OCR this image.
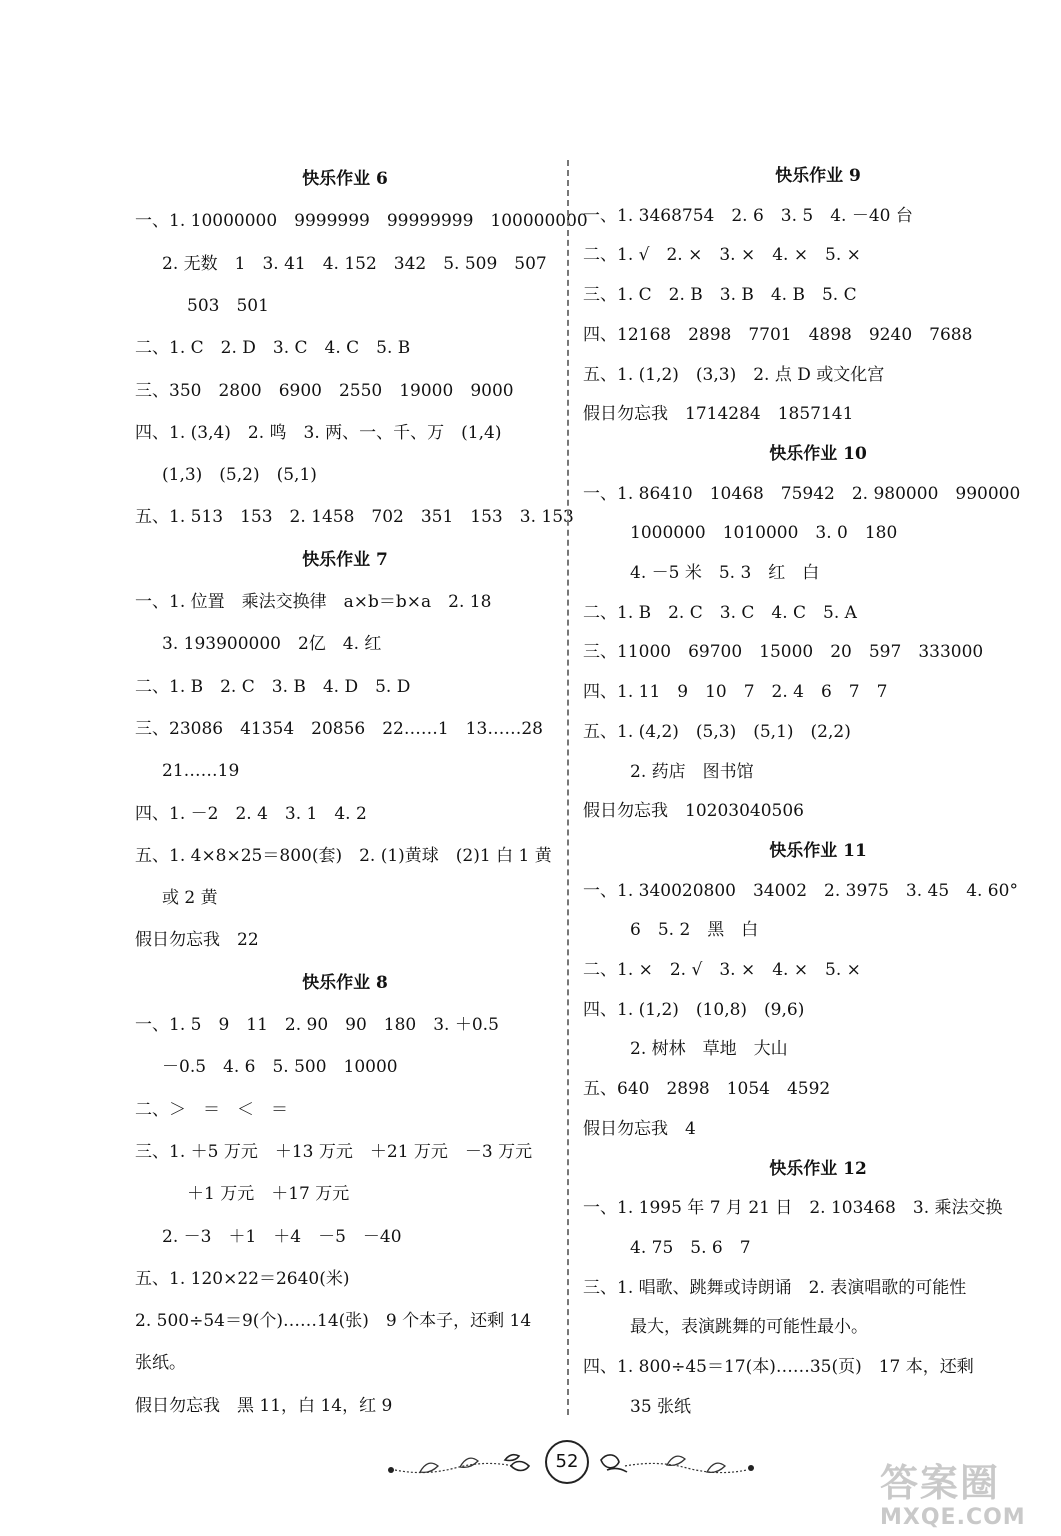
快乐作业 6
一、1. 10000000　9999999　99999999　100000000
2. 无数　1　3. 41　4. 152　342　5. 509　507
503　501
二、1. C　2. D　3. C　4. C　5. B
三、350　2800　6900　2550　19000　9000
四、1. (3,4)　2. 鸣　3. 两、一、千、万　(1,4)
(1,3)　(5,2)　(5,1)
五、1. 513　153　2. 1458　702　351　153　3. 153
快乐作业 7
一、1. 位置　乘法交换律　a×b＝b×a　2. 18
3. 193900000　2亿　4. 红
二、1. B　2. C　3. B　4. D　5. D
三、23086　41354　20856　22……1　13……28
21……19
四、1. －2　2. 4　3. 1　4. 2
五、1. 4×8×25＝800(套)　2. (1)黄球　(2)1 白 1 黄
或 2 黄
假日勿忘我　22
快乐作业 8
一、1. 5　9　11　2. 90　90　180　3. ＋0.5
－0.5　4. 6　5. 500　10000
二、＞　＝　＜　＝
三、1. ＋5 万元　＋13 万元　＋21 万元　－3 万元
＋1 万元　＋17 万元
2. －3　＋1　＋4　－5　－40
五、1. 120×22＝2640(米)
2. 500÷54＝9(个)……14(张)　9 个本子，还剩 14
张纸。
假日勿忘我　黑 11，白 14，红 9
快乐作业 9
一、1. 3468754　2. 6　3. 5　4. －40 台
二、1. √　2. ×　3. ×　4. ×　5. ×
三、1. C　2. B　3. B　4. B　5. C
四、12168　2898　7701　4898　9240　7688
五、1. (1,2)　(3,3)　2. 点 D 或文化宫
假日勿忘我　1714284　1857141
快乐作业 10
一、1. 86410　10468　75942　2. 980000　990000
1000000　1010000　3. 0　180
4. －5 米　5. 3　红　白
二、1. B　2. C　3. C　4. C　5. A
三、11000　69700　15000　20　597　333000
四、1. 11　9　10　7　2. 4　6　7　7
五、1. (4,2)　(5,3)　(5,1)　(2,2)
2. 药店　图书馆
假日勿忘我　10203040506
快乐作业 11
一、1. 340020800　34002　2. 3975　3. 45　4. 60°
6　5. 2　黑　白
二、1. ×　2. √　3. ×　4. ×　5. ×
四、1. (1,2)　(10,8)　(9,6)
2. 树林　草地　大山
五、640　2898　1054　4592
假日勿忘我　4
快乐作业 12
一、1. 1995 年 7 月 21 日　2. 103468　3. 乘法交换
4. 75　5. 6　7
三、1. 唱歌、跳舞或诗朗诵　2. 表演唱歌的可能性
最大，表演跳舞的可能性最小。
四、1. 800÷45＝17(本)……35(页)　17 本，还剩
35 张纸
52	答案圈
MXQE.COM
